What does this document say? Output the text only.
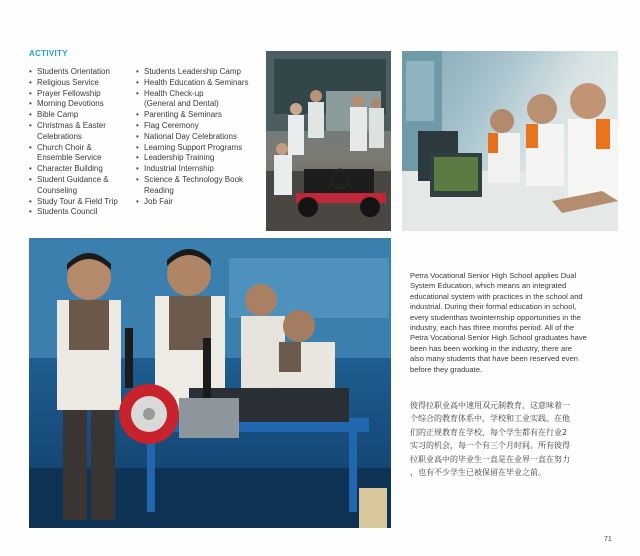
ACTIVITY
• Students Orientation
• Religious Service
• Prayer Fellowship
• Morning Devotions
• Bible Camp
• Christmas & Easter
Celebrations
• Church Choir &
Ensemble Service
• Character Building
• Student Guidance &
Counseling
• Study Tour & Field Trip
• Students Council
• Students Leadership Camp
• Health Education & Seminars
• Health Check-up
(General and Dental)
• Parenting & Seminars
• Flag Ceremony
• National Day Celebrations
• Learning Support Programs
• Leadership Training
• Industrial Internship
• Science & Technology Book
Reading
• Job Fair
Petra Vocational Senior High School applies Dual
System Education, which means an integrated
educational system with practices in the school and
industrial. During their formal education in school,
every studenthas twointernship opportunities in the
industry, each has three months period. All of the
Petra Vocational Senior High School graduates have
been has been working in the industry, there are
also many students that have been reserved even
before they graduate.
彼得拉职业高中速用双元制教育，这意味着一
个综合的教育体系中，学校和工业实践。在他
们的正规教育在学校，每个学生都有在行业2
实习的机会，每一个有三个月时间。所有彼得
拉职业高中的毕业生一直是在业界一直在努力
，也有不少学生已被保留在毕业之前。
71
